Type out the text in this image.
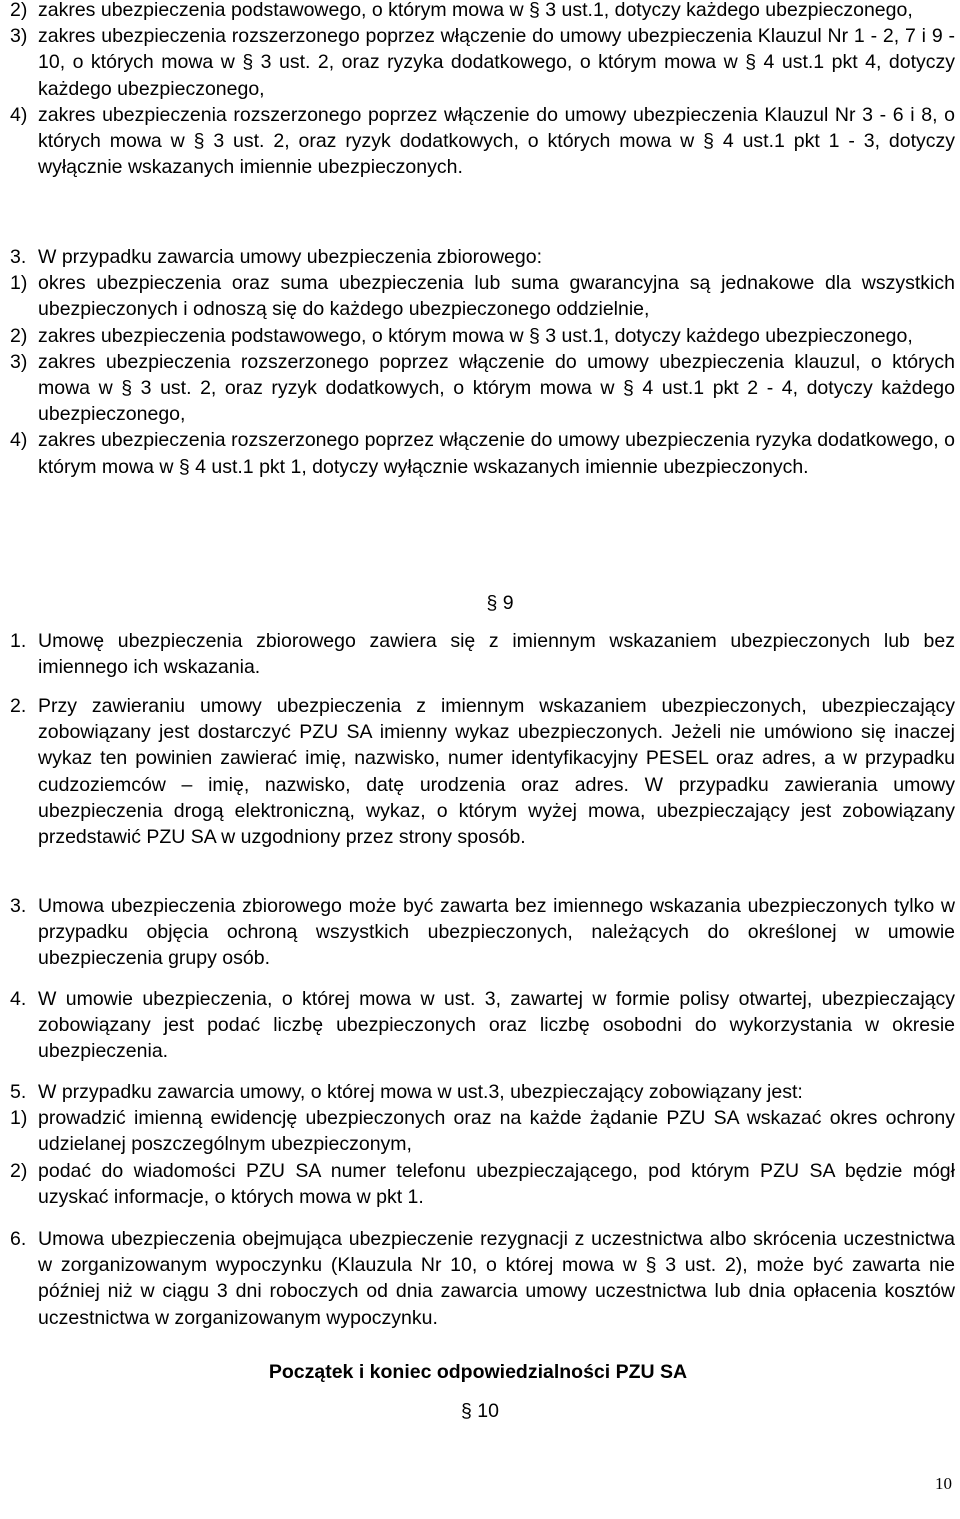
2) zakres ubezpieczenia podstawowego, o którym mowa w § 3 ust.1, dotyczy każdego ubezpieczonego,
3) zakres ubezpieczenia rozszerzonego poprzez włączenie do umowy ubezpieczenia Klauzul Nr 1 - 2, 7 i 9 - 10, o których mowa w § 3 ust. 2, oraz ryzyka dodatkowego, o którym mowa w § 4 ust.1 pkt 4, dotyczy każdego ubezpieczonego,
4) zakres ubezpieczenia rozszerzonego poprzez włączenie do umowy ubezpieczenia Klauzul Nr 3 - 6 i 8, o których mowa w § 3 ust. 2, oraz ryzyk dodatkowych, o których mowa w § 4 ust.1 pkt 1 - 3, dotyczy wyłącznie wskazanych imiennie ubezpieczonych.
3. W przypadku zawarcia umowy ubezpieczenia zbiorowego:
1) okres ubezpieczenia oraz suma ubezpieczenia lub suma gwarancyjna są jednakowe dla wszystkich ubezpieczonych i odnoszą się do każdego ubezpieczonego oddzielnie,
2) zakres ubezpieczenia podstawowego, o którym mowa w § 3 ust.1, dotyczy każdego ubezpieczonego,
3) zakres ubezpieczenia rozszerzonego poprzez włączenie do umowy ubezpieczenia klauzul, o których mowa w § 3 ust. 2, oraz ryzyk dodatkowych, o którym mowa w § 4 ust.1 pkt 2 - 4, dotyczy każdego ubezpieczonego,
4) zakres ubezpieczenia rozszerzonego poprzez włączenie do umowy ubezpieczenia ryzyka dodatkowego, o którym mowa w § 4 ust.1 pkt 1, dotyczy wyłącznie wskazanych imiennie ubezpieczonych.
§ 9
1. Umowę ubezpieczenia zbiorowego zawiera się z imiennym wskazaniem ubezpieczonych lub bez imiennego ich wskazania.
2. Przy zawieraniu umowy ubezpieczenia z imiennym wskazaniem ubezpieczonych, ubezpieczający zobowiązany jest dostarczyć PZU SA imienny wykaz ubezpieczonych. Jeżeli nie umówiono się inaczej wykaz ten powinien zawierać imię, nazwisko, numer identyfikacyjny PESEL oraz adres, a w przypadku cudzoziemców – imię, nazwisko, datę urodzenia oraz adres. W przypadku zawierania umowy ubezpieczenia drogą elektroniczną, wykaz, o którym wyżej mowa, ubezpieczający jest zobowiązany przedstawić PZU SA w uzgodniony przez strony sposób.
3. Umowa ubezpieczenia zbiorowego może być zawarta bez imiennego wskazania ubezpieczonych tylko w przypadku objęcia ochroną wszystkich ubezpieczonych, należących do określonej w umowie ubezpieczenia grupy osób.
4. W umowie ubezpieczenia, o której mowa w ust. 3, zawartej w formie polisy otwartej, ubezpieczający zobowiązany jest podać liczbę ubezpieczonych oraz liczbę osobodni do wykorzystania w okresie ubezpieczenia.
5. W przypadku zawarcia umowy, o której mowa w ust.3, ubezpieczający zobowiązany jest:
1) prowadzić imienną ewidencję ubezpieczonych oraz na każde żądanie PZU SA wskazać okres ochrony udzielanej poszczególnym ubezpieczonym,
2) podać do wiadomości PZU SA numer telefonu ubezpieczającego, pod którym PZU SA będzie mógł uzyskać informacje, o których mowa w pkt 1.
6. Umowa ubezpieczenia obejmująca ubezpieczenie rezygnacji z uczestnictwa albo skrócenia uczestnictwa w zorganizowanym wypoczynku (Klauzula Nr 10, o której mowa w § 3 ust. 2), może być zawarta nie później niż w ciągu 3 dni roboczych od dnia zawarcia umowy uczestnictwa lub dnia opłacenia kosztów uczestnictwa w zorganizowanym wypoczynku.
Początek i koniec odpowiedzialności PZU SA
§ 10
10
